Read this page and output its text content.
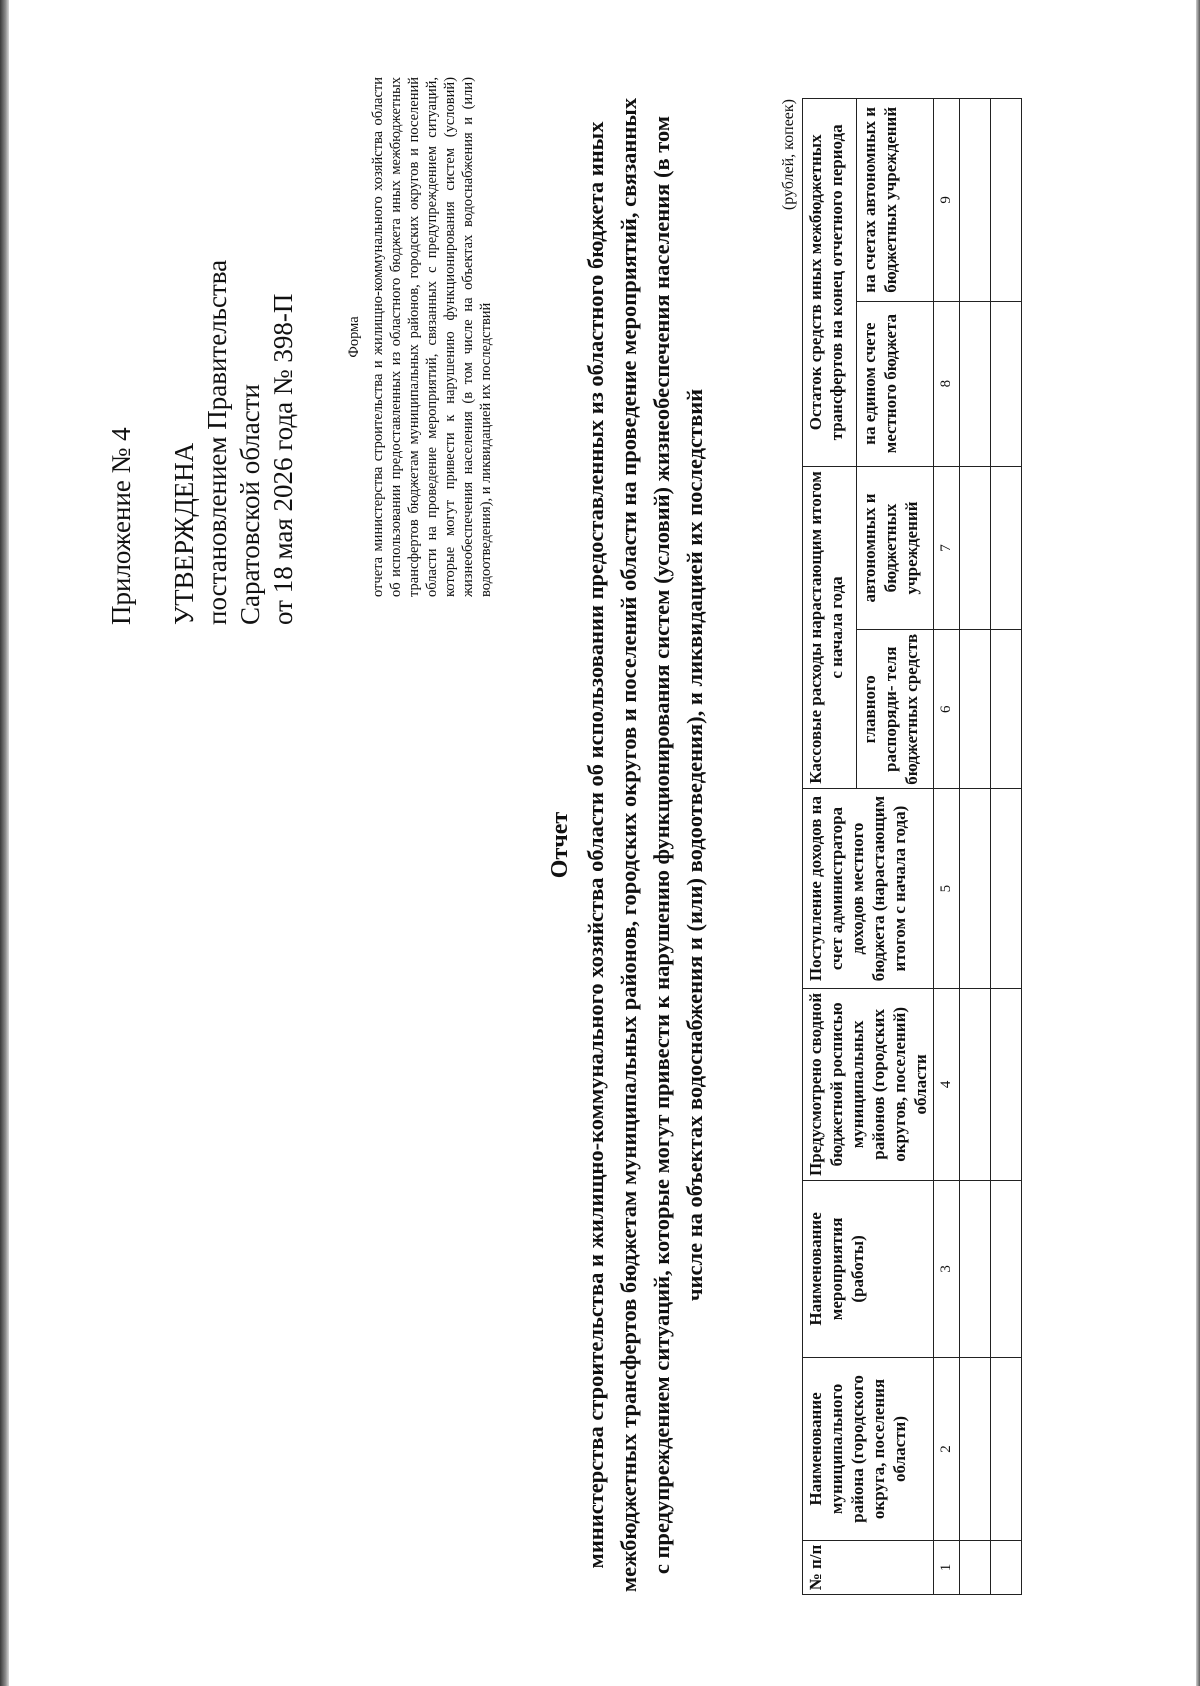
Приложение № 4 УТВЕРЖДЕНА постановлением Правительства Саратовской области от 18 мая 2026 года № 398-П	Форма отчета министерства строительства и жилищно-коммунального хозяйства области об использовании предоставленных из областного бюджета иных межбюджетных трансфертов бюджетам муниципальных районов, городских округов и поселений области на проведение мероприятий, связанных с предупреждением ситуаций, которые могут привести к нарушению функционирования систем (условий) жизнеобеспечения населения (в том числе на объектах водоснабжения и (или) водоотведения), и ликвидацией их последствий
Отчет министерства строительства и жилищно-коммунального хозяйства области об использовании предоставленных из областного бюджета иных межбюджетных трансфертов бюджетам муниципальных районов, городских округов и поселений области на проведение мероприятий, связанных с предупреждением ситуаций, которые могут привести к нарушению функционирования систем (условий) жизнеобеспечения населения (в том числе на объектах водоснабжения и (или) водоотведения), и ликвидацией их последствий
(рублей, копеек)
№ п/п	Наименование муниципального района (городского округа, поселения области)	Наименование мероприятия (работы)	Предусмотрено сводной бюджетной росписью муниципальных районов (городских округов, поселений) области	Поступление доходов на счет администратора доходов местного бюджета (нарастающим итогом с начала года)	Кассовые расходы нарастающим итогом с начала года		Остаток средств иных межбюджетных трансфертов на конец отчетного периода	
					главного распоряди- теля бюджетных средств	автономных и бюджетных учреждений	на едином счете местного бюджета	на счетах автономных и бюджетных учреждений
1	2	3	4	5	6	7	8	9
